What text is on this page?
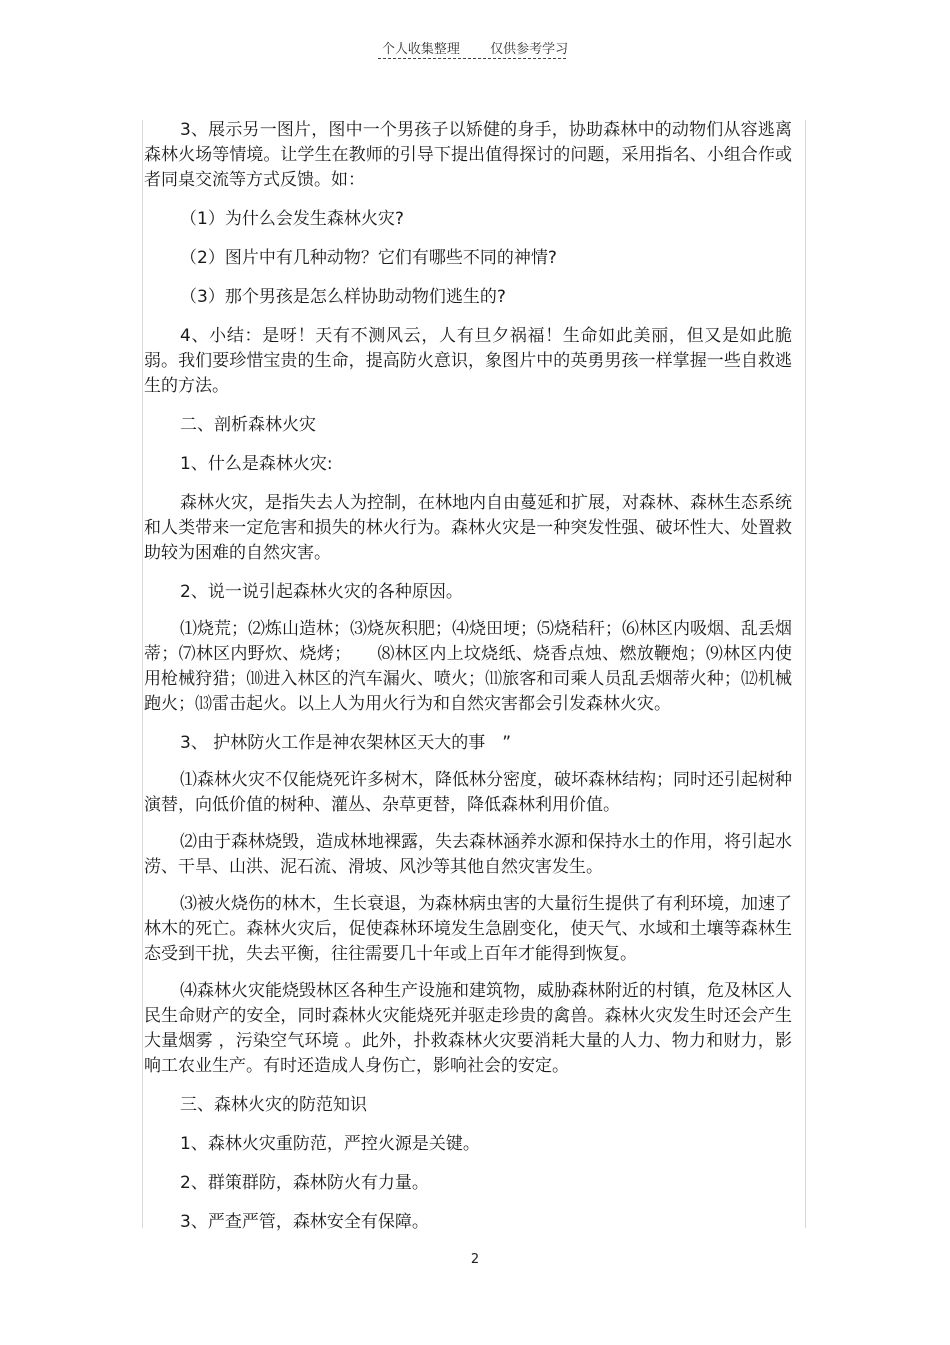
个人收集整理 仅供参考学习

3、展示另一图片，图中一个男孩子以矫健的身手，协助森林中的动物们从容逃离森林火场等情境。让学生在教师的引导下提出值得探讨的问题，采用指名、小组合作或者同桌交流等方式反馈。如：

（1）为什么会发生森林火灾?

（2）图片中有几种动物？它们有哪些不同的神情?

（3）那个男孩是怎么样协助动物们逃生的?

4、小结：是呀！天有不测风云，人有旦夕祸福！生命如此美丽，但又是如此脆弱。我们要珍惜宝贵的生命，提高防火意识，象图片中的英勇男孩一样掌握一些自救逃生的方法。

二、剖析森林火灾

1、什么是森林火灾:

森林火灾，是指失去人为控制，在林地内自由蔓延和扩展，对森林、森林生态系统和人类带来一定危害和损失的林火行为。森林火灾是一种突发性强、破坏性大、处置救助较为困难的自然灾害。

2、说一说引起森林火灾的各种原因。

⑴烧荒；⑵炼山造林；⑶烧灰积肥；⑷烧田埂；⑸烧秸秆；⑹林区内吸烟、乱丢烟蒂；⑺林区内野炊、烧烤；　　⑻林区内上坟烧纸、烧香点烛、燃放鞭炮；⑼林区内使用枪械狩猎；⑽进入林区的汽车漏火、喷火；⑾旅客和司乘人员乱丢烟蒂火种；⑿机械跑火；⒀雷击起火。以上人为用火行为和自然灾害都会引发森林火灾。

3、 护林防火工作是神农架林区天大的事　”

⑴森林火灾不仅能烧死许多树木，降低林分密度，破坏森林结构；同时还引起树种演替，向低价值的树种、灌丛、杂草更替，降低森林利用价值。

⑵由于森林烧毁，造成林地裸露，失去森林涵养水源和保持水土的作用，将引起水涝、干旱、山洪、泥石流、滑坡、风沙等其他自然灾害发生。

⑶被火烧伤的林木，生长衰退，为森林病虫害的大量衍生提供了有利环境，加速了林木的死亡。森林火灾后，促使森林环境发生急剧变化，使天气、水域和土壤等森林生态受到干扰，失去平衡，往往需要几十年或上百年才能得到恢复。

⑷森林火灾能烧毁林区各种生产设施和建筑物，威胁森林附近的村镇，危及林区人民生命财产的安全，同时森林火灾能烧死并驱走珍贵的禽兽。森林火灾发生时还会产生大量烟雾 ，污染空气环境 。此外，扑救森林火灾要消耗大量的人力、物力和财力，影响工农业生产。有时还造成人身伤亡，影响社会的安定。

三、森林火灾的防范知识

1、森林火灾重防范，严控火源是关键。

2、群策群防，森林防火有力量。

3、严查严管，森林安全有保障。

2
